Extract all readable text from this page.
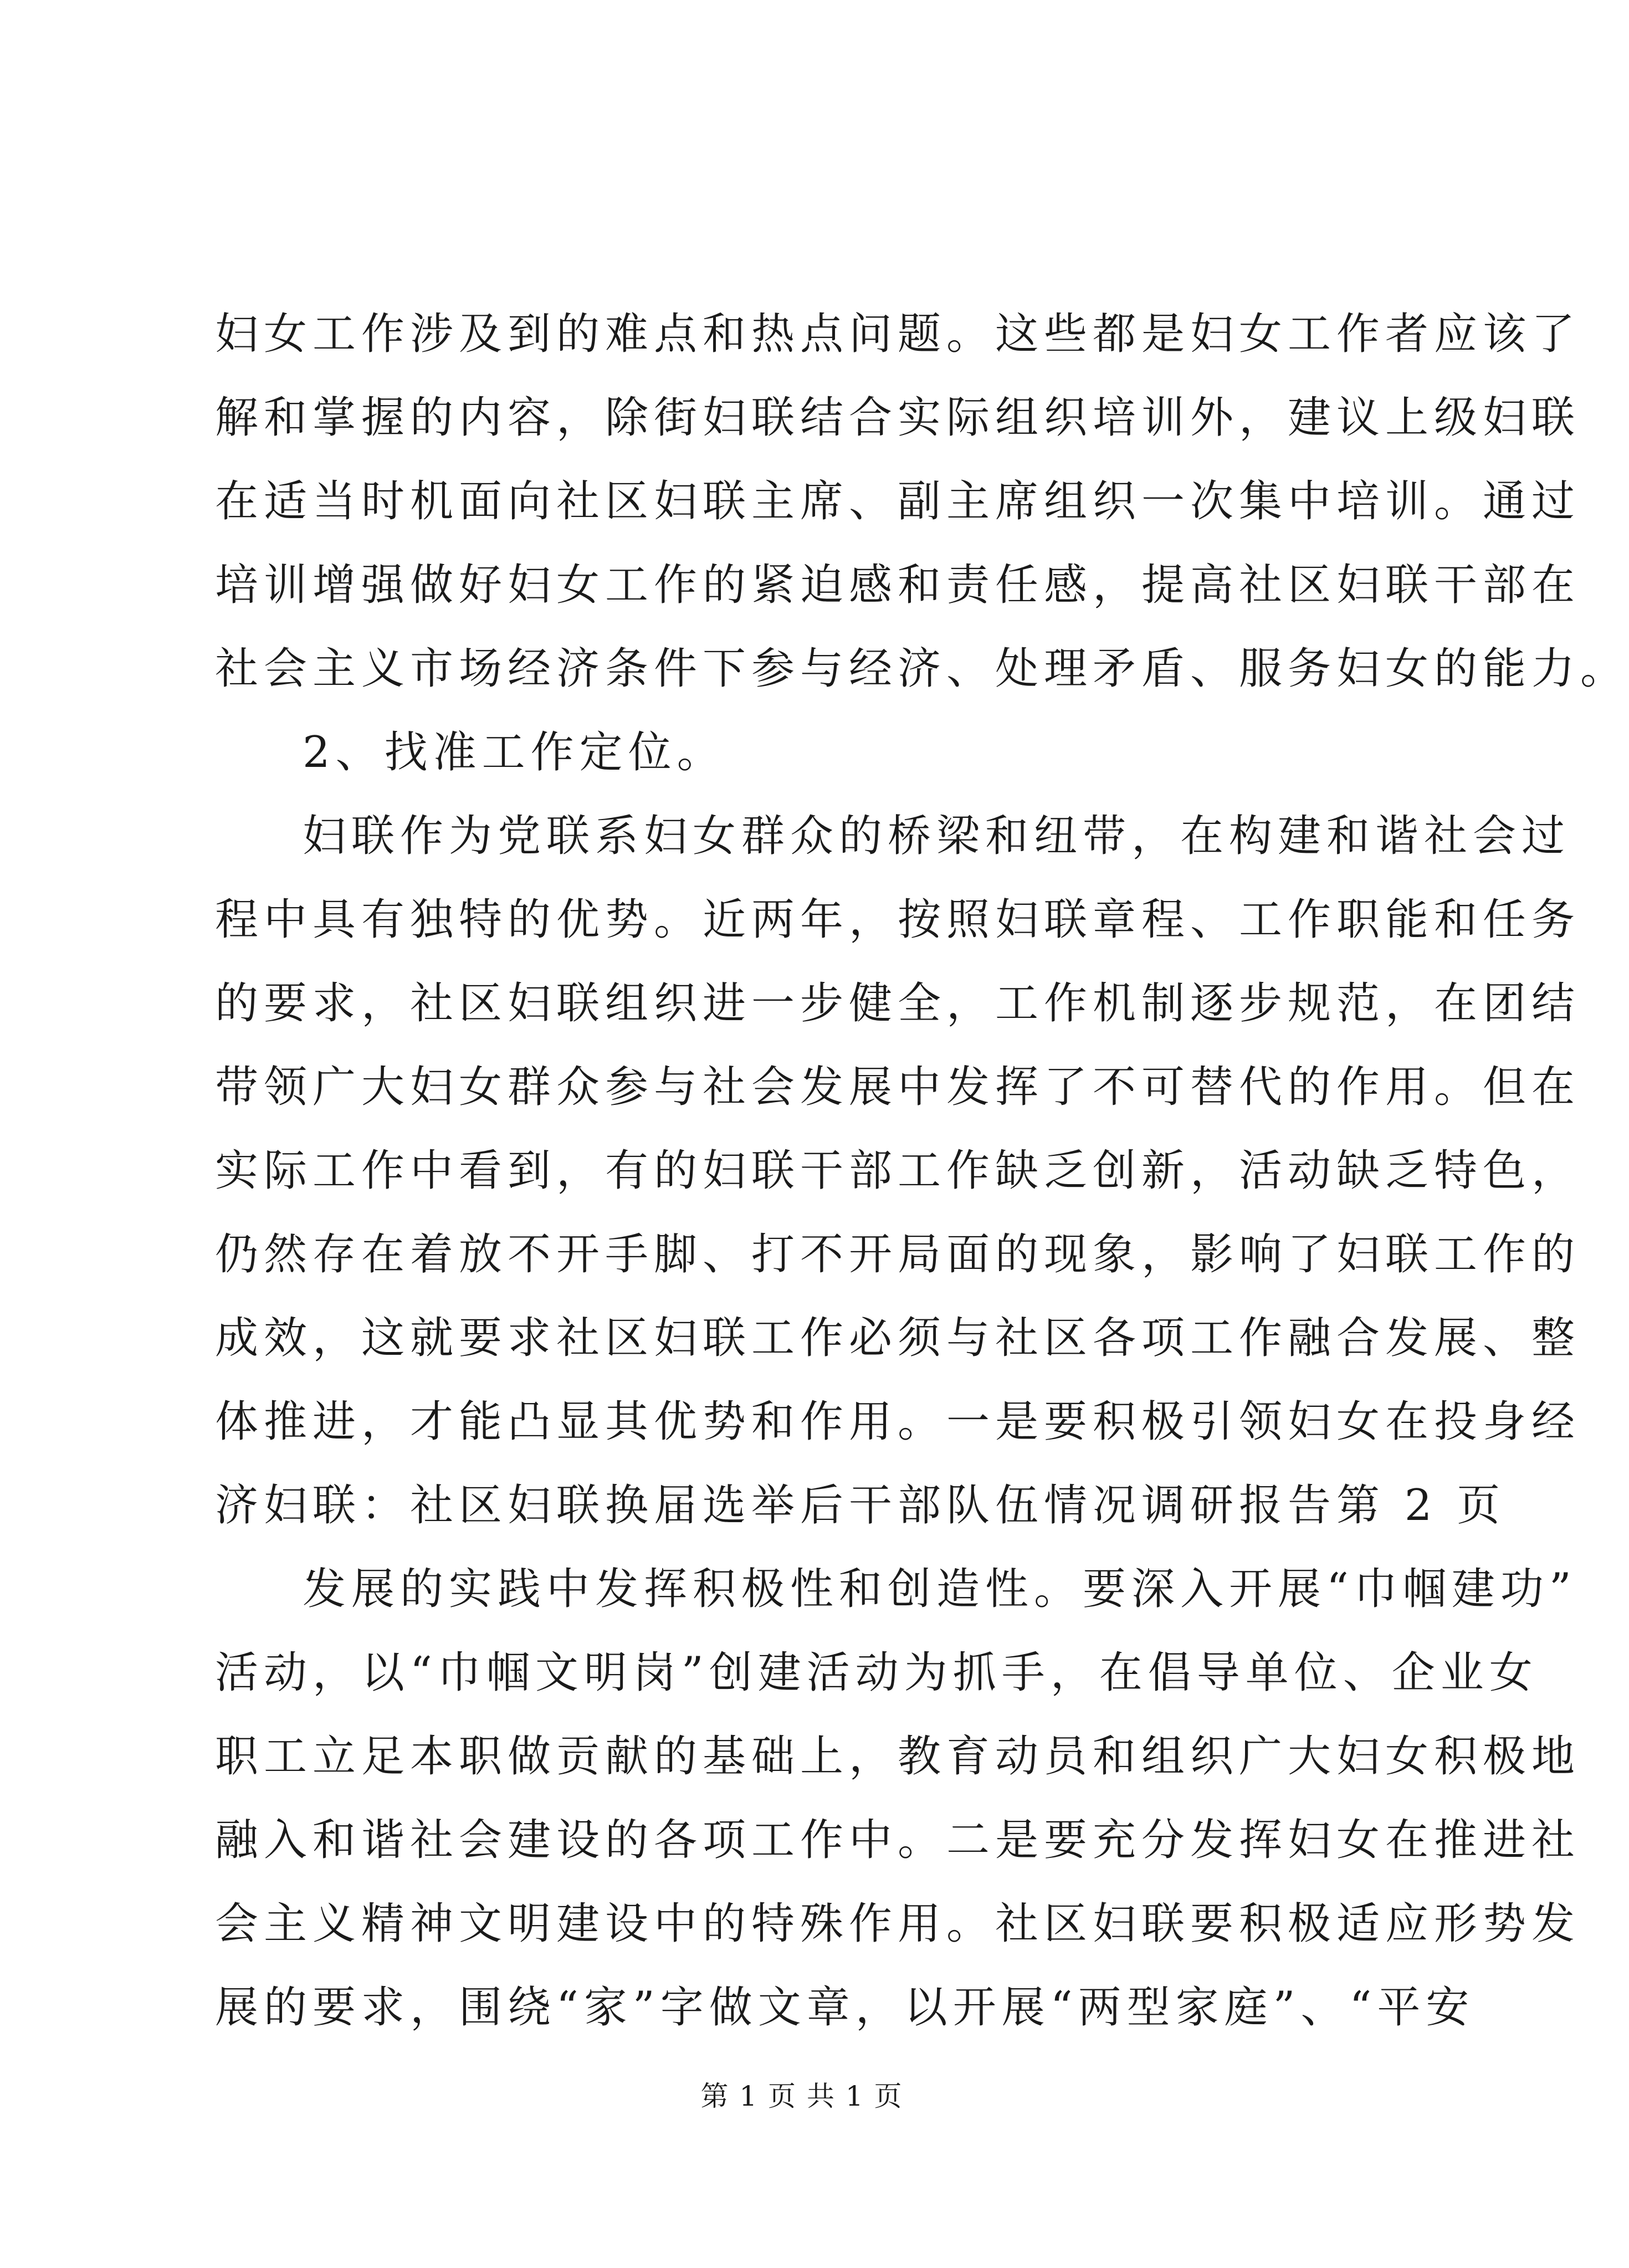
妇女工作涉及到的难点和热点问题。这些都是妇女工作者应该了
解和掌握的内容，除街妇联结合实际组织培训外，建议上级妇联
在适当时机面向社区妇联主席、副主席组织一次集中培训。通过
培训增强做好妇女工作的紧迫感和责任感，提高社区妇联干部在
社会主义市场经济条件下参与经济、处理矛盾、服务妇女的能力。
2、找准工作定位。
妇联作为党联系妇女群众的桥梁和纽带，在构建和谐社会过
程中具有独特的优势。近两年，按照妇联章程、工作职能和任务
的要求，社区妇联组织进一步健全，工作机制逐步规范，在团结
带领广大妇女群众参与社会发展中发挥了不可替代的作用。但在
实际工作中看到，有的妇联干部工作缺乏创新，活动缺乏特色，
仍然存在着放不开手脚、打不开局面的现象，影响了妇联工作的
成效，这就要求社区妇联工作必须与社区各项工作融合发展、整
体推进，才能凸显其优势和作用。一是要积极引领妇女在投身经
济妇联：社区妇联换届选举后干部队伍情况调研报告第 2 页
发展的实践中发挥积极性和创造性。要深入开展“巾帼建功”
活动，以“巾帼文明岗”创建活动为抓手，在倡导单位、企业女
职工立足本职做贡献的基础上，教育动员和组织广大妇女积极地
融入和谐社会建设的各项工作中。二是要充分发挥妇女在推进社
会主义精神文明建设中的特殊作用。社区妇联要积极适应形势发
展的要求，围绕“家”字做文章，以开展“两型家庭”、“平安
第 1 页 共 1 页
